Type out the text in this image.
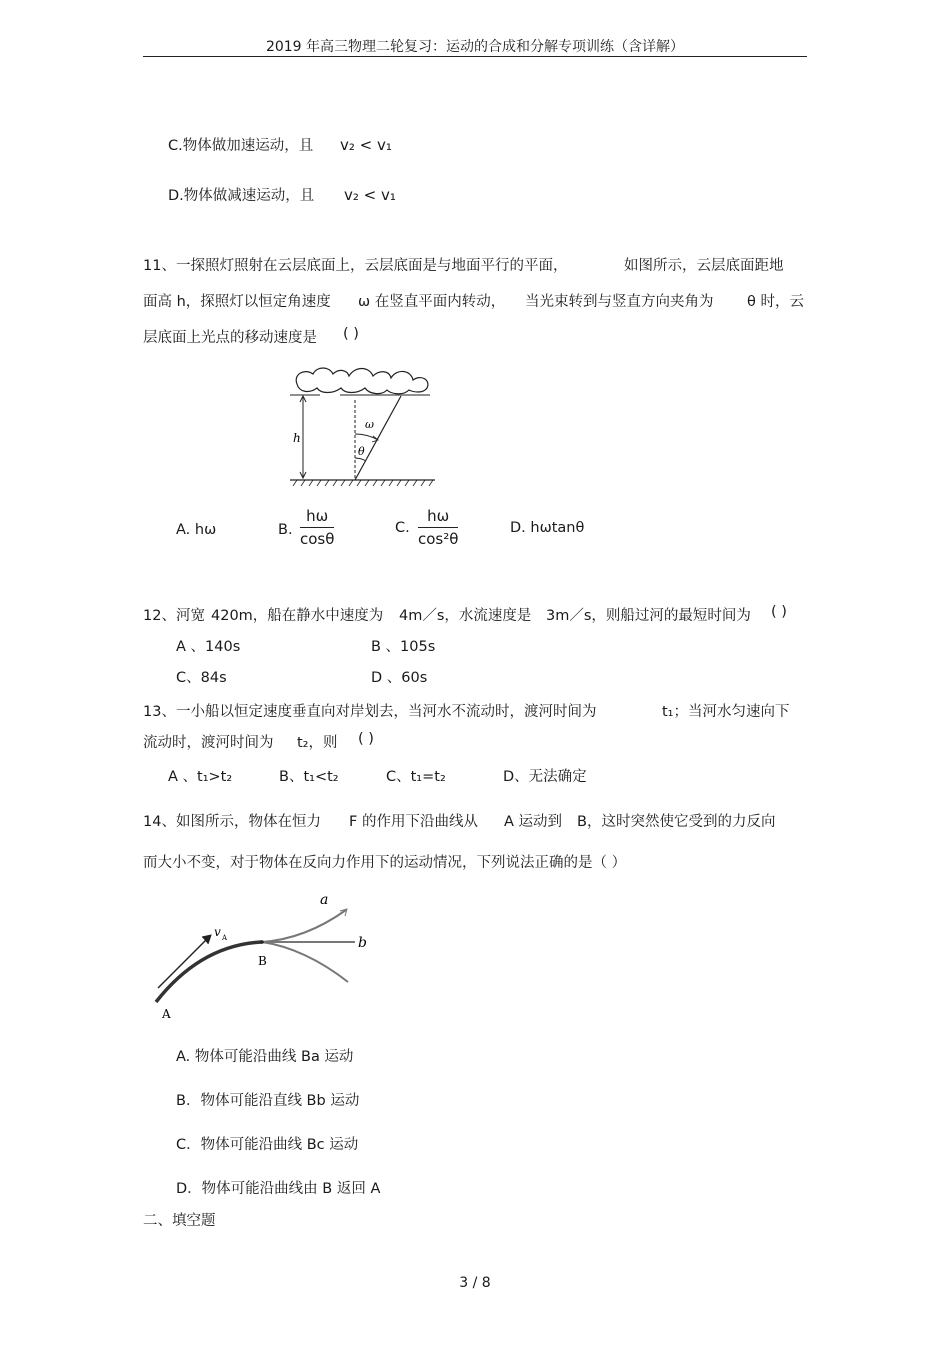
2019 年高三物理二轮复习：运动的合成和分解专项训练（含详解）
C.物体做加速运动，且 v₂ < v₁
D.物体做减速运动，且 v₂ < v₁
11、一探照灯照射在云层底面上，云层底面是与地面平行的平面，	如图所示，云层底面距地
面高 h，探照灯以恒定角速度 ω 在竖直平面内转动， 当光束转到与竖直方向夹角为 θ 时，云
层底面上光点的移动速度是 ( )
h
ω
θ
A. hω	B. $\frac{h\omega}{\cos\theta}$	C. $\frac{h\omega}{\text{cos²θ}}$	D. hωtanθ
12、河宽 420m，船在静水中速度为 4m／s，水流速度是 3m／s，则船过河的最短时间为 ( )
A 、140s	B 、105s
C、84s	D 、60s
13、一小船以恒定速度垂直向对岸划去，当河水不流动时，渡河时间为	t₁；当河水匀速向下
流动时，渡河时间为 t₂，则 ( )
A 、t₁>t₂	B、t₁<t₂	C、t₁=t₂	D、无法确定
14、如图所示，物体在恒力 F 的作用下沿曲线从 A 运动到 B，这时突然使它受到的力反向
而大小不变，对于物体在反向力作用下的运动情况，下列说法正确的是（ ）
v A
a
b
B
A
A. 物体可能沿曲线 Ba 运动
B．物体可能沿直线 Bb 运动
C．物体可能沿曲线 Bc 运动
D．物体可能沿曲线由 B 返回 A
二、填空题
3 / 8
